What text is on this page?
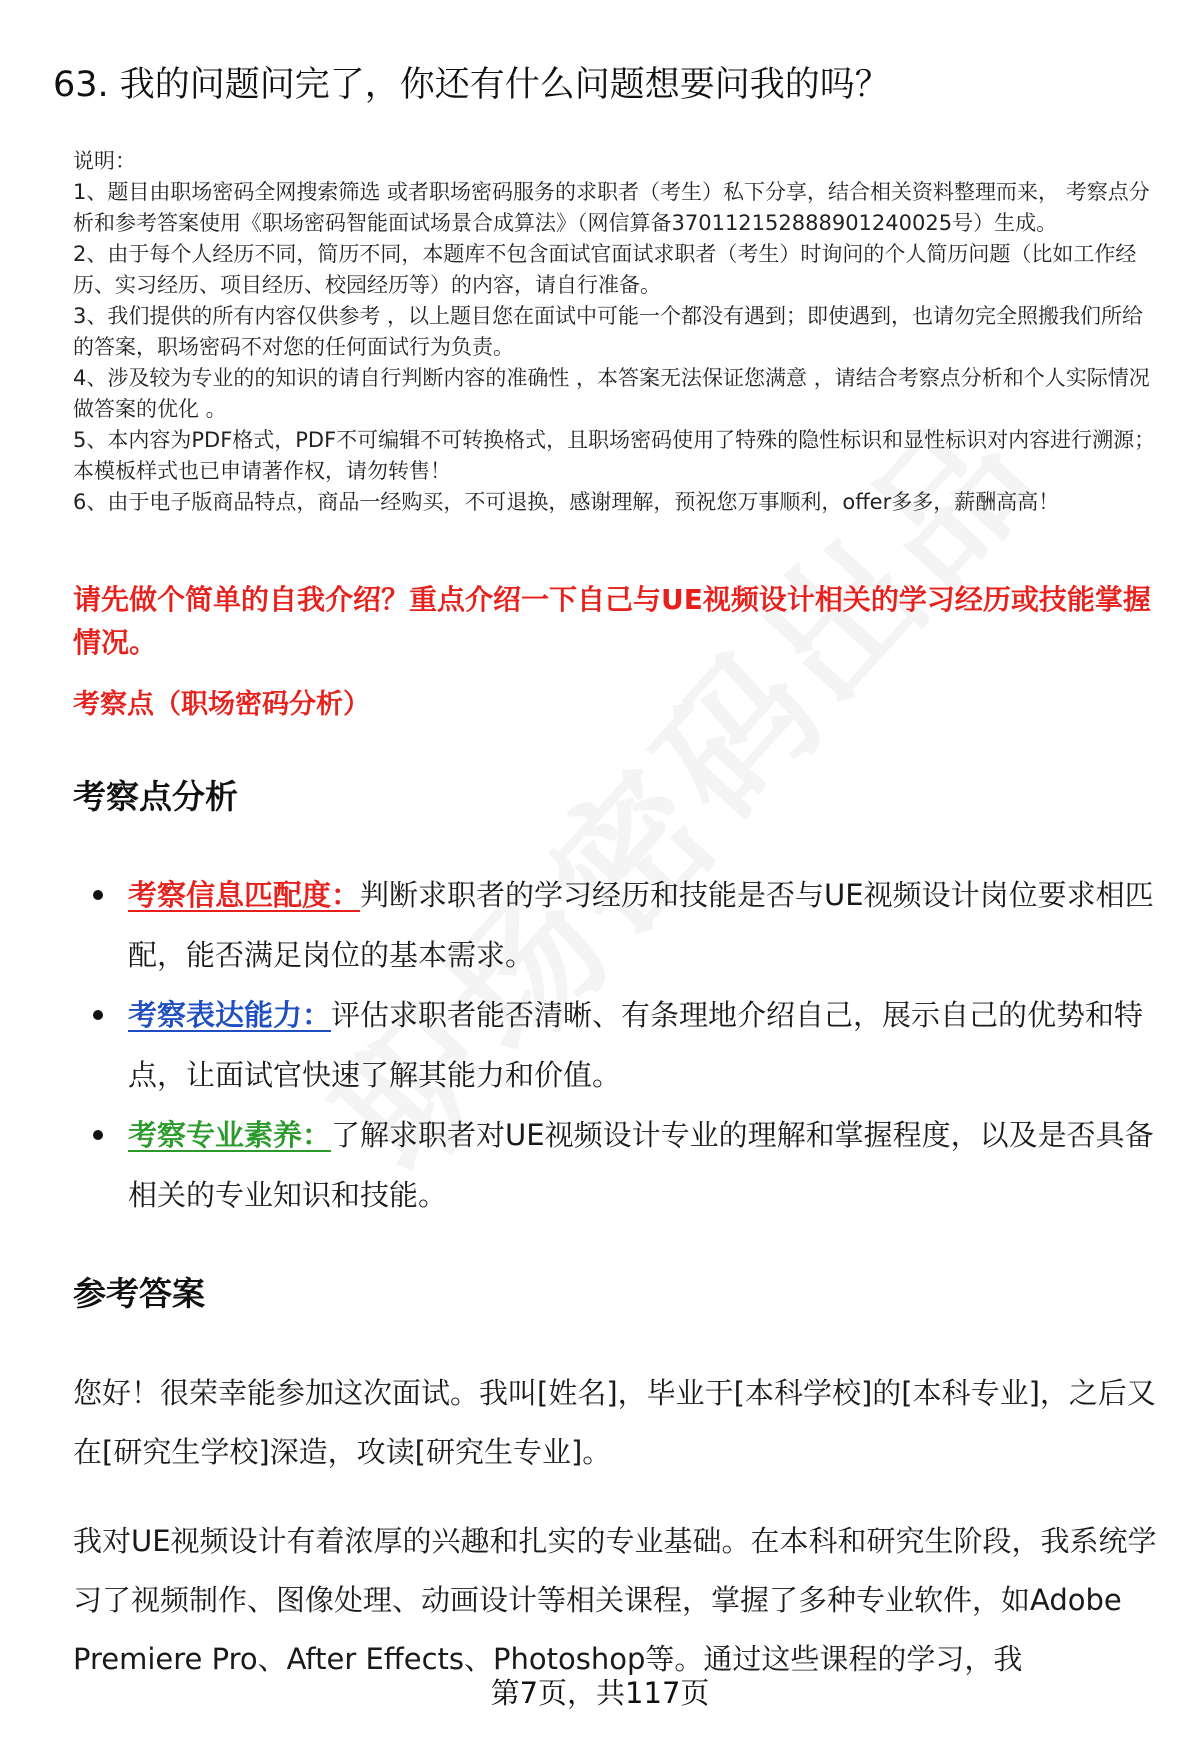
63. 我的问题问完了，你还有什么问题想要问我的吗？

说明：

1、题目由职场密码全网搜索筛选 或者职场密码服务的求职者（考生）私下分享，结合相关资料整理而来， 考察点分析和参考答案使用《职场密码智能面试场景合成算法》（网信算备370112152888901240025号）生成。

2、由于每个人经历不同，简历不同，本题库不包含面试官面试求职者（考生）时询问的个人简历问题（比如工作经历、实习经历、项目经历、校园经历等）的内容，请自行准备。

3、我们提供的所有内容仅供参考 ，以上题目您在面试中可能一个都没有遇到；即使遇到，也请勿完全照搬我们所给的答案，职场密码不对您的任何面试行为负责。

4、涉及较为专业的的知识的请自行判断内容的准确性 ，本答案无法保证您满意 ，请结合考察点分析和个人实际情况做答案的优化 。

5、本内容为PDF格式，PDF不可编辑不可转换格式，且职场密码使用了特殊的隐性标识和显性标识对内容进行溯源；本模板样式也已申请著作权，请勿转售！

6、由于电子版商品特点，商品一经购买，不可退换，感谢理解，预祝您万事顺利，offer多多，薪酬高高！

请先做个简单的自我介绍？重点介绍一下自己与UE视频设计相关的学习经历或技能掌握情况。

考察点（职场密码分析）
考察点分析
考察信息匹配度：判断求职者的学习经历和技能是否与UE视频设计岗位要求相匹配，能否满足岗位的基本需求。
考察表达能力：评估求职者能否清晰、有条理地介绍自己，展示自己的优势和特点，让面试官快速了解其能力和价值。
考察专业素养：了解求职者对UE视频设计专业的理解和掌握程度，以及是否具备相关的专业知识和技能。
参考答案

您好！很荣幸能参加这次面试。我叫[姓名]，毕业于[本科学校]的[本科专业]，之后又在[研究生学校]深造，攻读[研究生专业]。

我对UE视频设计有着浓厚的兴趣和扎实的专业基础。在本科和研究生阶段，我系统学习了视频制作、图像处理、动画设计等相关课程，掌握了多种专业软件，如Adobe Premiere Pro、After Effects、Photoshop等。通过这些课程的学习，我

第7页，共117页
